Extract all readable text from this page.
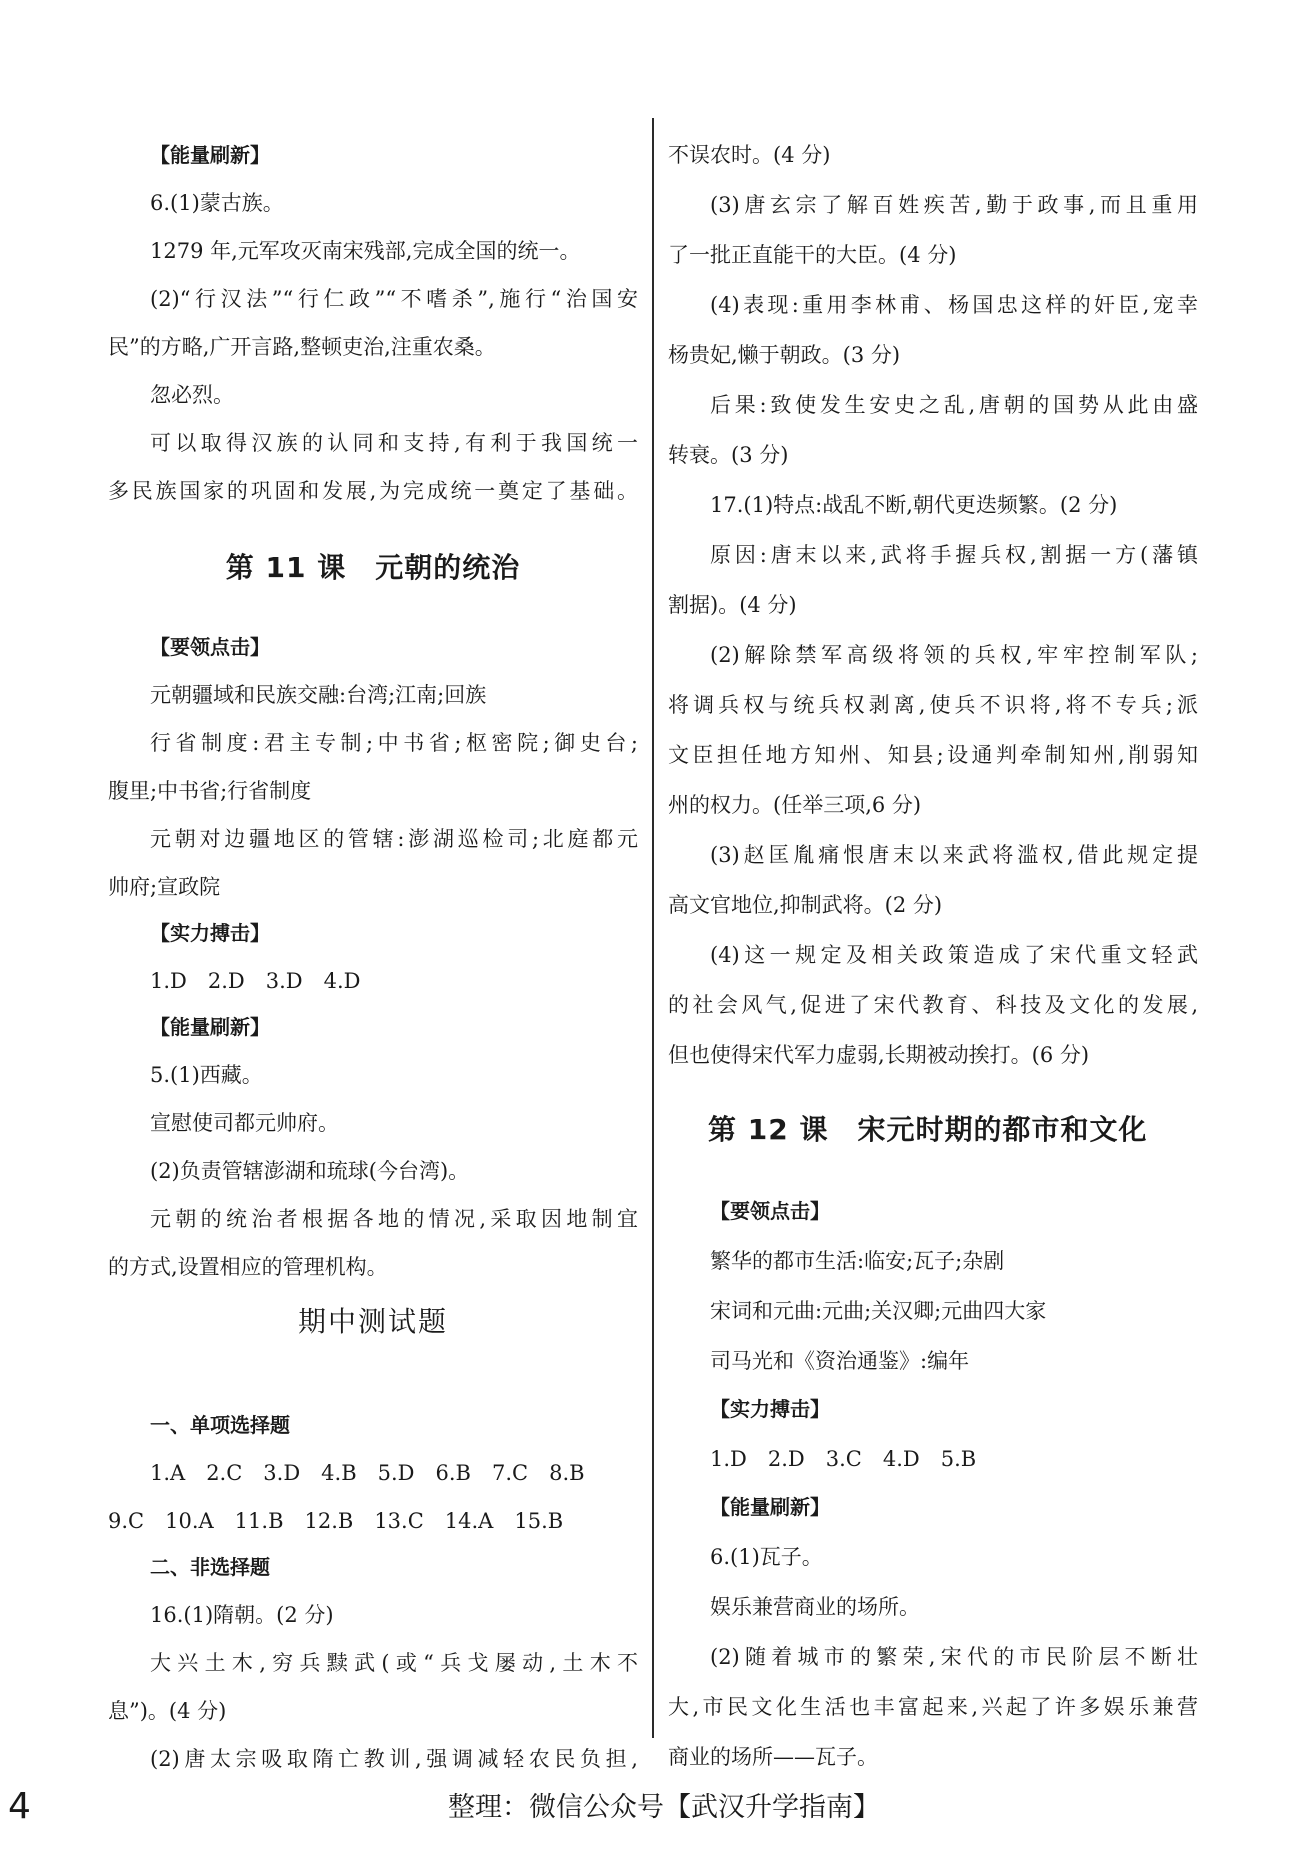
【能量刷新】
6.(1)蒙古族。
1279 年,元军攻灭南宋残部,完成全国的统一。
(2)“行汉法”“行仁政”“不嗜杀”,施行“治国安
民”的方略,广开言路,整顿吏治,注重农桑。
忽必烈。
可以取得汉族的认同和支持,有利于我国统一
多民族国家的巩固和发展,为完成统一奠定了基础。
第 11 课　元朝的统治
【要领点击】
元朝疆域和民族交融:台湾;江南;回族
行省制度:君主专制;中书省;枢密院;御史台;
腹里;中书省;行省制度
元朝对边疆地区的管辖:澎湖巡检司;北庭都元
帅府;宣政院
【实力搏击】
1.D　2.D　3.D　4.D
【能量刷新】
5.(1)西藏。
宣慰使司都元帅府。
(2)负责管辖澎湖和琉球(今台湾)。
元朝的统治者根据各地的情况,采取因地制宜
的方式,设置相应的管理机构。
期中测试题
一、单项选择题
1.A　2.C　3.D　4.B　5.D　6.B　7.C　8.B
9.C　10.A　11.B　12.B　13.C　14.A　15.B
二、非选择题
16.(1)隋朝。(2 分)
大兴土木,穷兵黩武(或“兵戈屡动,土木不
息”)。(4 分)
(2)唐太宗吸取隋亡教训,强调减轻农民负担,
不误农时。(4 分)
(3)唐玄宗了解百姓疾苦,勤于政事,而且重用
了一批正直能干的大臣。(4 分)
(4)表现:重用李林甫、杨国忠这样的奸臣,宠幸
杨贵妃,懒于朝政。(3 分)
后果:致使发生安史之乱,唐朝的国势从此由盛
转衰。(3 分)
17.(1)特点:战乱不断,朝代更迭频繁。(2 分)
原因:唐末以来,武将手握兵权,割据一方(藩镇
割据)。(4 分)
(2)解除禁军高级将领的兵权,牢牢控制军队;
将调兵权与统兵权剥离,使兵不识将,将不专兵;派
文臣担任地方知州、知县;设通判牵制知州,削弱知
州的权力。(任举三项,6 分)
(3)赵匡胤痛恨唐末以来武将滥权,借此规定提
高文官地位,抑制武将。(2 分)
(4)这一规定及相关政策造成了宋代重文轻武
的社会风气,促进了宋代教育、科技及文化的发展,
但也使得宋代军力虚弱,长期被动挨打。(6 分)
第 12 课　宋元时期的都市和文化
【要领点击】
繁华的都市生活:临安;瓦子;杂剧
宋词和元曲:元曲;关汉卿;元曲四大家
司马光和《资治通鉴》:编年
【实力搏击】
1.D　2.D　3.C　4.D　5.B
【能量刷新】
6.(1)瓦子。
娱乐兼营商业的场所。
(2)随着城市的繁荣,宋代的市民阶层不断壮
大,市民文化生活也丰富起来,兴起了许多娱乐兼营
商业的场所——瓦子。
4	整理：微信公众号【武汉升学指南】
